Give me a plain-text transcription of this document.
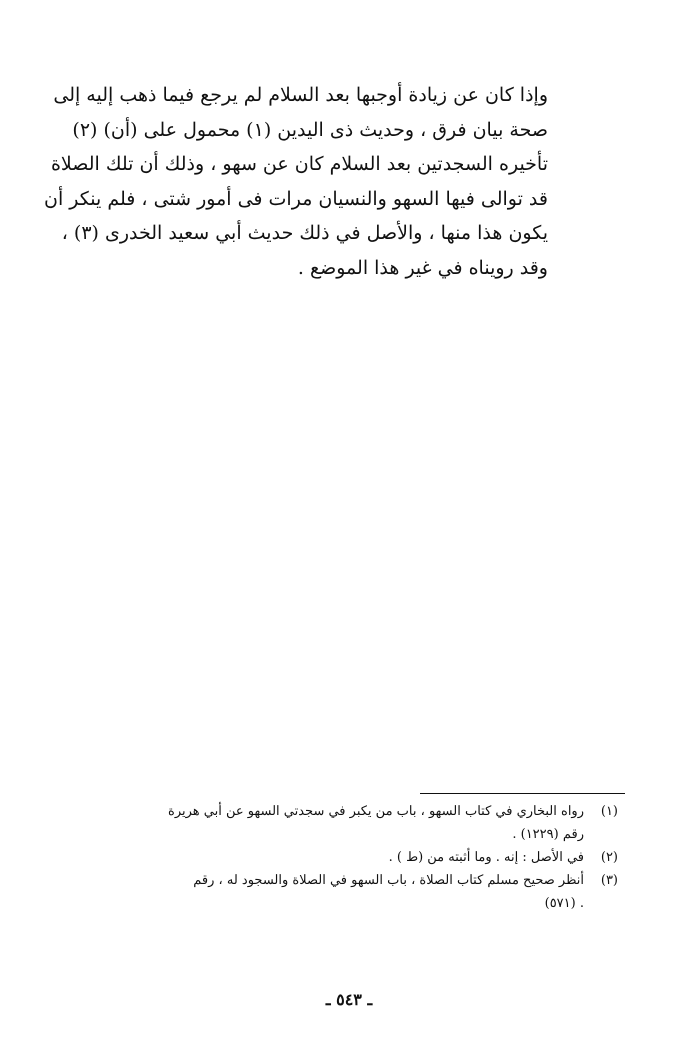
وإذا كان عن زيادة أوجبها بعد السلام لم يرجع فيما ذهب إليه إلى
صحة بيان فرق ، وحديث ذى اليدين (١) محمول على (أن) (٢)
تأخيره السجدتين بعد السلام كان عن سهو ، وذلك أن تلك الصلاة
قد توالى فيها السهو والنسيان مرات فى أمور شتى ، فلم ينكر أن
يكون هذا منها ، والأصل في ذلك حديث أبي سعيد الخدرى (٣) ،
وقد رويناه في غير هذا الموضع .
(١)
رواه البخاري في كتاب السهو ، باب من يكبر في سجدتي السهو عن أبي هريرة
رقم (١٢٢٩) .
(٢)
في الأصل : إنه . وما أثبته من (ط ) .
(٣)
أنظر صحيح مسلم كتاب الصلاة ، باب السهو في الصلاة والسجود له ، رقم
. (٥٧١)
ـ ٥٤٣ ـ
